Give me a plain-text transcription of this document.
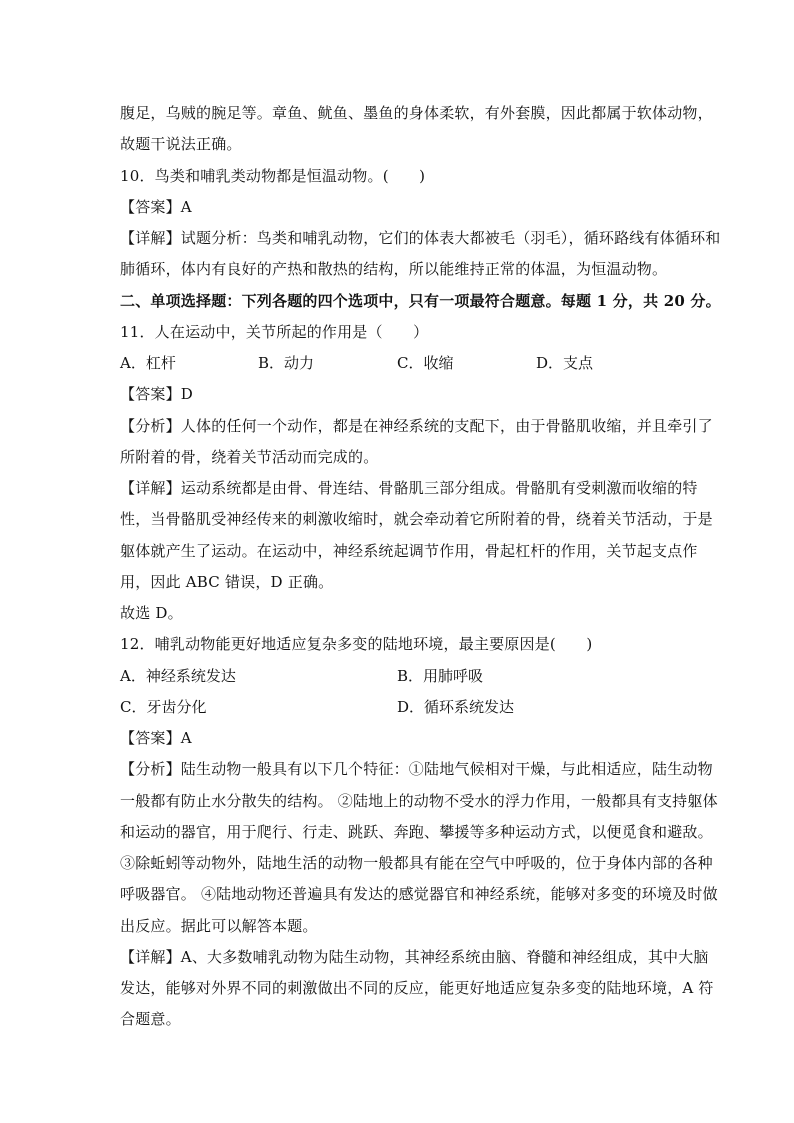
腹足，乌贼的腕足等。章鱼、鱿鱼、墨鱼的身体柔软，有外套膜，因此都属于软体动物，
故题干说法正确。
10．鸟类和哺乳类动物都是恒温动物。(　　)
【答案】A
【详解】试题分析：鸟类和哺乳动物，它们的体表大都被毛（羽毛），循环路线有体循环和
肺循环，体内有良好的产热和散热的结构，所以能维持正常的体温，为恒温动物。
二、单项选择题：下列各题的四个选项中，只有一项最符合题意。每题 1 分，共 20 分。
11．人在运动中，关节所起的作用是（　　）
A．杠杆	B．动力	C．收缩	D．支点
【答案】D
【分析】人体的任何一个动作，都是在神经系统的支配下，由于骨骼肌收缩，并且牵引了
所附着的骨，绕着关节活动而完成的。
【详解】运动系统都是由骨、骨连结、骨骼肌三部分组成。骨骼肌有受刺激而收缩的特
性，当骨骼肌受神经传来的刺激收缩时，就会牵动着它所附着的骨，绕着关节活动，于是
躯体就产生了运动。在运动中，神经系统起调节作用，骨起杠杆的作用，关节起支点作
用，因此 ABC 错误，D 正确。
故选 D。
12．哺乳动物能更好地适应复杂多变的陆地环境，最主要原因是(　　)
A．神经系统发达	B．用肺呼吸
C．牙齿分化	D．循环系统发达
【答案】A
【分析】陆生动物一般具有以下几个特征：①陆地气候相对干燥，与此相适应，陆生动物
一般都有防止水分散失的结构。 ②陆地上的动物不受水的浮力作用，一般都具有支持躯体
和运动的器官，用于爬行、行走、跳跃、奔跑、攀援等多种运动方式，以便觅食和避敌。
③除蚯蚓等动物外，陆地生活的动物一般都具有能在空气中呼吸的，位于身体内部的各种
呼吸器官。 ④陆地动物还普遍具有发达的感觉器官和神经系统，能够对多变的环境及时做
出反应。据此可以解答本题。
【详解】A、大多数哺乳动物为陆生动物，其神经系统由脑、脊髓和神经组成，其中大脑
发达，能够对外界不同的刺激做出不同的反应，能更好地适应复杂多变的陆地环境，A 符
合题意。
